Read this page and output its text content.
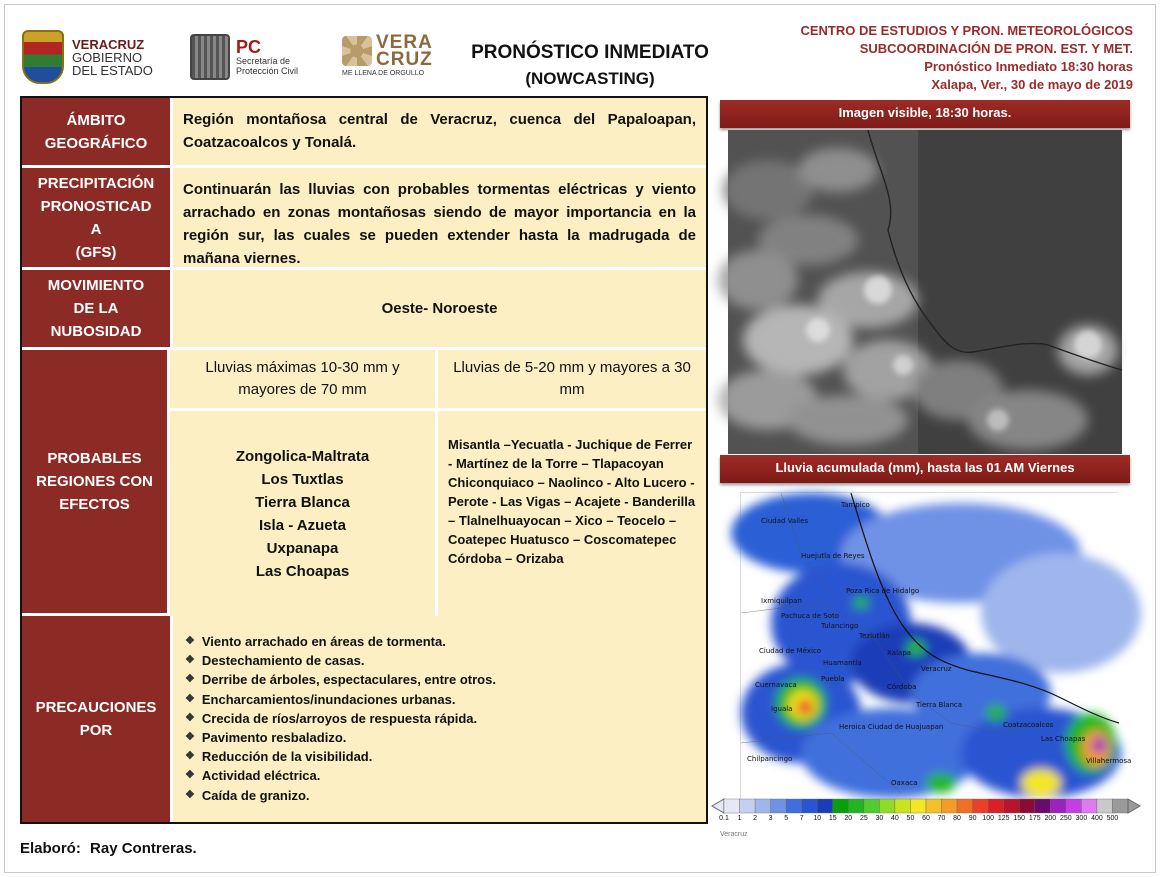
VERACRUZ
GOBIERNO
DEL ESTADO
PC
Secretaría de
Protección Civil
VERA
CRUZ
ME LLENA DE ORGULLO
PRONÓSTICO INMEDIATO
(NOWCASTING)
CENTRO DE ESTUDIOS Y PRON. METEOROLÓGICOS
SUBCOORDINACIÓN DE PRON. EST. Y MET.
Pronóstico Inmediato 18:30 horas
Xalapa, Ver., 30 de mayo de 2019
ÁMBITO
GEOGRÁFICO
Región montañosa central de Veracruz, cuenca del Papaloapan, Coatzacoalcos y Tonalá.
PRECIPITACIÓN
PRONOSTICAD
A
(GFS)
Continuarán las lluvias con probables tormentas eléctricas y viento arrachado en zonas montañosas siendo de mayor importancia en la región sur, las cuales se pueden extender hasta la madrugada de mañana viernes.
MOVIMIENTO
DE LA
NUBOSIDAD
Oeste- Noroeste
PROBABLES
REGIONES CON
EFECTOS
Lluvias máximas 10-30 mm y mayores de 70 mm
Lluvias de 5-20 mm y mayores a 30 mm
Zongolica-Maltrata
Los Tuxtlas
Tierra Blanca
Isla - Azueta
Uxpanapa
Las Choapas
Misantla –Yecuatla - Juchique de Ferrer - Martínez de la Torre – Tlapacoyan Chiconquiaco – Naolinco - Alto Lucero - Perote - Las Vigas – Acajete - Banderilla – Tlalnelhuayocan – Xico – Teocelo – Coatepec Huatusco – Coscomatepec Córdoba – Orizaba
PRECAUCIONES
POR
❖ Viento arrachado en áreas de tormenta.
❖ Destechamiento de casas.
❖ Derribe de árboles, espectaculares, entre otros.
❖ Encharcamientos/inundaciones urbanas.
❖ Crecida de ríos/arroyos de respuesta rápida.
❖ Pavimento resbaladizo.
❖ Reducción de la visibilidad.
❖ Actividad eléctrica.
❖ Caída de granizo.
Elaboró: Ray Contreras.
Imagen visible, 18:30 horas.
Lluvia acumulada (mm), hasta las 01 AM Viernes
Tampico
Ciudad Valles
Huejutla de Reyes
Poza Rica de Hidalgo
Ixmiquilpan
Pachuca de Soto
Tulancingo
Teziutlán
Xalapa
Veracruz
Ciudad de México
Huamantla
Puebla
Cuernavaca	Córdoba
Tierra Blanca
Coatzacoalcos
Las Choapas
Villahermosa
Heroica Ciudad de Huajuapan
Iguala
Chilpancingo
Oaxaca
0.1 1 2 3 5 7 10 15 20 25 30 40 50 60 70 80 90 100 125 150 175 200 250 300 400 500
Veracruz
